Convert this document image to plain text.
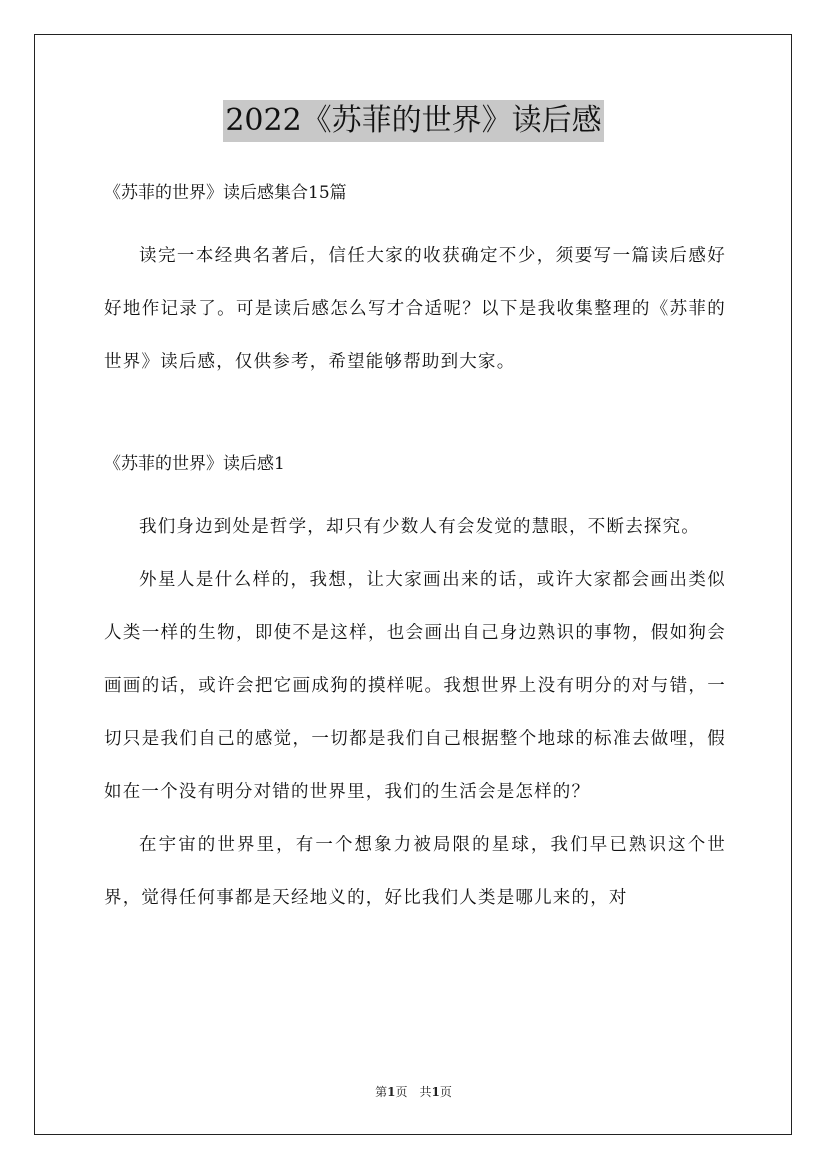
2022《苏菲的世界》读后感

《苏菲的世界》读后感集合15篇

读完一本经典名著后，信任大家的收获确定不少，须要写一篇读后感好好地作记录了。可是读后感怎么写才合适呢？以下是我收集整理的《苏菲的世界》读后感，仅供参考，希望能够帮助到大家。

《苏菲的世界》读后感1

我们身边到处是哲学，却只有少数人有会发觉的慧眼，不断去探究。

外星人是什么样的，我想，让大家画出来的话，或许大家都会画出类似人类一样的生物，即使不是这样，也会画出自己身边熟识的事物，假如狗会画画的话，或许会把它画成狗的摸样呢。我想世界上没有明分的对与错，一切只是我们自己的感觉，一切都是我们自己根据整个地球的标准去做哩，假如在一个没有明分对错的世界里，我们的生活会是怎样的？

在宇宙的世界里，有一个想象力被局限的星球，我们早已熟识这个世界，觉得任何事都是天经地义的，好比我们人类是哪儿来的，对

第1页　共1页
